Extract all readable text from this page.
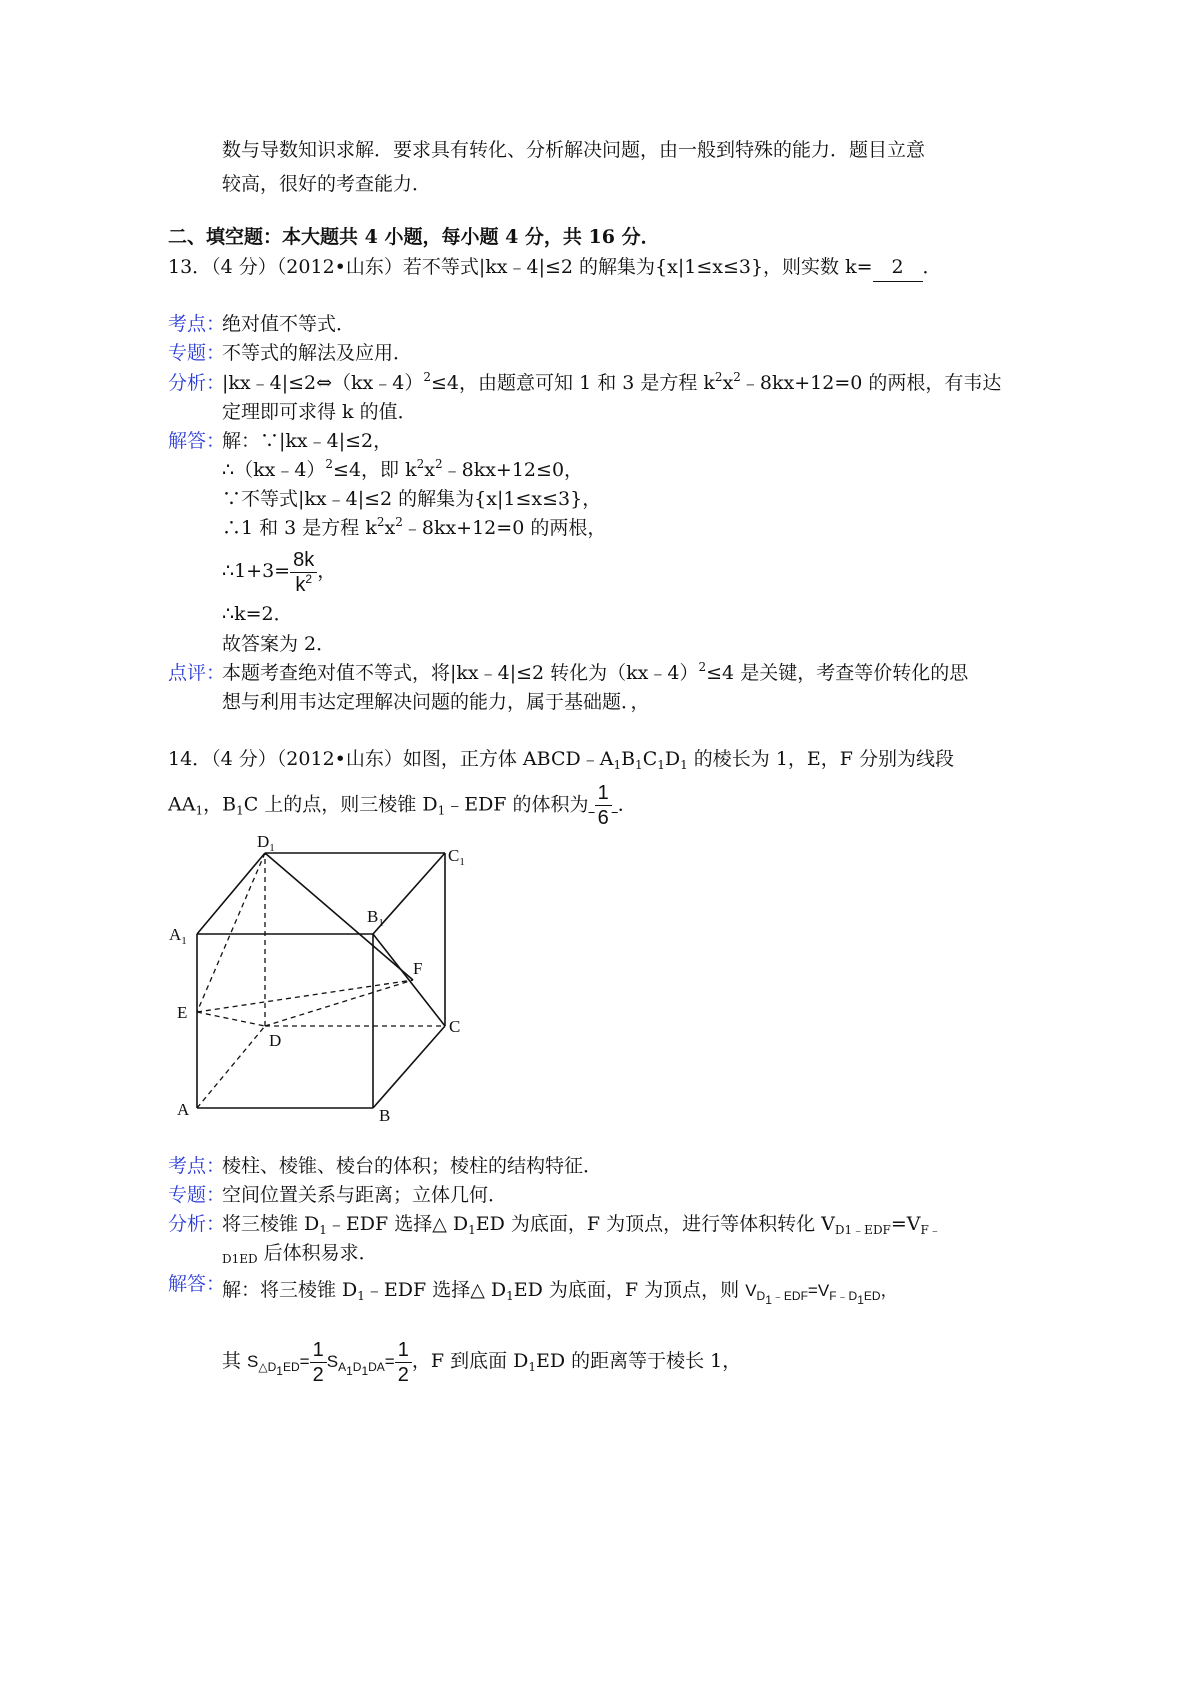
数与导数知识求解．要求具有转化、分析解决问题，由一般到特殊的能力．题目立意
较高，很好的考查能力．
二、填空题：本大题共 4 小题，每小题 4 分，共 16 分．
13．（4 分）（2012•山东）若不等式|kx﹣4|≤2 的解集为{x|1≤x≤3}，则实数 k= 2 ．
考点：
绝对值不等式．
专题：
不等式的解法及应用．
分析：
|kx﹣4|≤2⇔（kx﹣4）$^2$≤4，由题意可知 1 和 3 是方程 $k^2x^2﹣8kx+12=0$ 的两根，有韦达
定理即可求得 k 的值．
解答：
解：∵|kx﹣4|≤2，
∴（kx﹣4）$^2$≤4，即 $k^2x^2﹣8kx+12\le 0$，
∵不等式|kx﹣4|≤2 的解集为{x|1≤x≤3}，
∴1 和 3 是方程 $k^2x^2﹣8kx+12=0$ 的两根，
∴1+3= $\frac{8k}{k^2}$ ，
∴k=2．
故答案为 2．
点评：
本题考查绝对值不等式，将|kx﹣4|≤2 转化为（kx﹣4）$^2$≤4 是关键，考查等价转化的思
想与利用韦达定理解决问题的能力，属于基础题．，
14．（4 分）（2012•山东）如图，正方体 $ABCD﹣A_1B_1C_1D_1$ 的棱长为 1，E，F 分别为线段
$AA_1$，$B_1C$ 上的点，则三棱锥 $D_1﹣EDF$ 的体积为 $\frac{1}{6}$ ．
$D_1$	$C_1$
$B_1$
$A_1$
F
E
C
D
A	B
考点：
棱柱、棱锥、棱台的体积；棱柱的结构特征．
专题：
空间位置关系与距离；立体几何．
分析：
将三棱锥 $D_1﹣EDF$ 选择△ $D_1ED$ 为底面，F 为顶点，进行等体积转化 $V_{D1﹣EDF}=V_{F﹣}$
$_{D1ED}$ 后体积易求．
解答：
解：将三棱锥 $D_1﹣EDF$ 选择△ $D_1ED$ 为底面，F 为顶点，则 $V_{D_1﹣EDF}=V_{F﹣D_1ED}$，
其 $S_{\triangle D_1ED}= \frac{1}{2} S_{A_1D_1DA}= \frac{1}{2}$ ，F 到底面 $D_1ED$ 的距离等于棱长 1，
